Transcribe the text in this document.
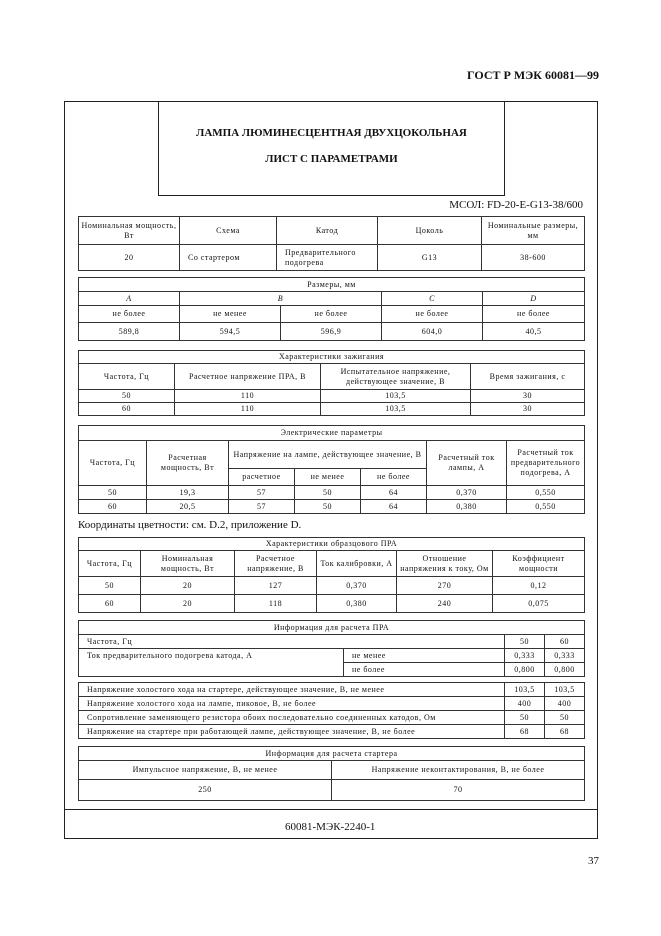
ГОСТ Р МЭК 60081—99
ЛАМПА ЛЮМИНЕСЦЕНТНАЯ ДВУХЦОКОЛЬНАЯ
ЛИСТ С ПАРАМЕТРАМИ
МСОЛ: FD-20-E-G13-38/600
60081-МЭК-2240-1
Номинальная мощность, Вт	Схема	Катод	Цоколь	Номинальные размеры, мм
20	Со стартером	Предварительного подогрева	G13	38-600
Размеры, мм				
A	B		C	D
не более	не менее	не более	не более	не более
589,8	594,5	596,9	604,0	40,5
Характеристики зажигания			
Частота, Гц	Расчетное напряжение ПРА, В	Испытательное напряжение, действующее значение, В	Время зажигания, с
50	110	103,5	30
60	110	103,5	30
Электрические параметры						
Частота, Гц	Расчетная мощность, Вт	Напряжение на лампе, действующее значение, В			Расчетный ток лампы, А	Расчетный ток предварительного подогрева, А
		расчетное	не менее	не более		
50	19,3	57	50	64	0,370	0,550
60	20,5	57	50	64	0,380	0,550
Координаты цветности: см. D.2, приложение D.
Характеристики образцового ПРА					
Частота, Гц	Номинальная мощность, Вт	Расчетное напряжение, В	Ток калибровки, А	Отношение напряжения к току, Ом	Коэффициент мощности
50	20	127	0,370	270	0,12
60	20	118	0,380	240	0,075
Информация для расчета ПРА			
Частота, Гц		50	60
Ток предварительного подогрева катода, А	не менее	0,333	0,333
	не более	0,800	0,800

Напряжение холостого хода на стартере, действующее значение, В, не менее		103,5	103,5
Напряжение холостого хода на лампе, пиковое, В, не более		400	400
Сопротивление заменяющего резистора обоих последовательно соединенных катодов, Ом		50	50
Напряжение на стартере при работающей лампе, действующее значение, В, не более		68	68
Информация для расчета стартера	
Импульсное напряжение, В, не менее	Напряжение неконтактирования, В, не более
250	70
37
